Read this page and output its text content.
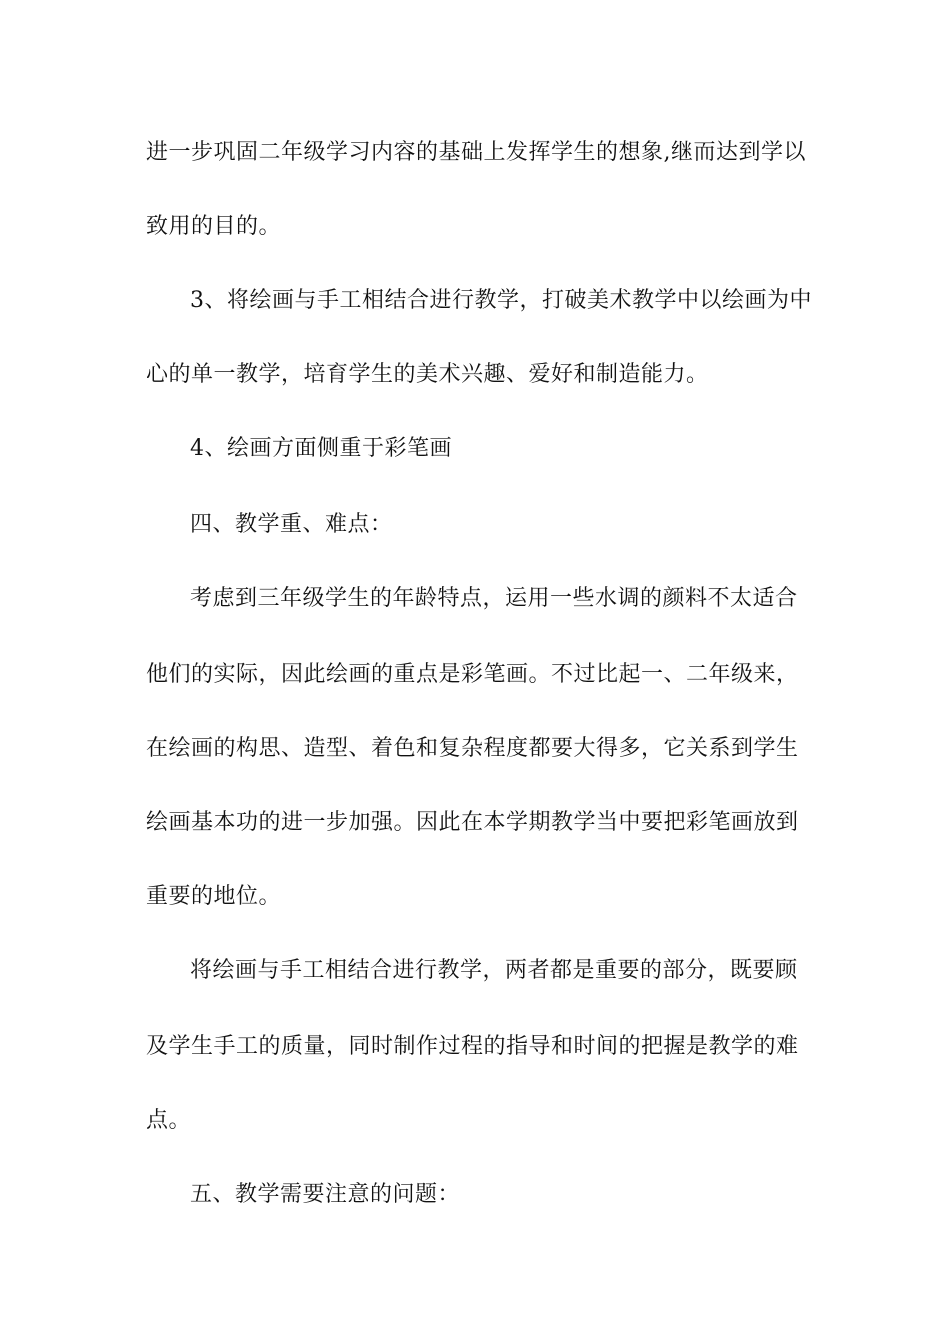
进一步巩固二年级学习内容的基础上发挥学生的想象,继而达到学以
致用的目的。
3、将绘画与手工相结合进行教学，打破美术教学中以绘画为中
心的单一教学，培育学生的美术兴趣、爱好和制造能力。
4、绘画方面侧重于彩笔画
四、教学重、难点：
考虑到三年级学生的年龄特点，运用一些水调的颜料不太适合
他们的实际，因此绘画的重点是彩笔画。不过比起一、二年级来，
在绘画的构思、造型、着色和复杂程度都要大得多，它关系到学生
绘画基本功的进一步加强。因此在本学期教学当中要把彩笔画放到
重要的地位。
将绘画与手工相结合进行教学，两者都是重要的部分，既要顾
及学生手工的质量，同时制作过程的指导和时间的把握是教学的难
点。
五、教学需要注意的问题：
